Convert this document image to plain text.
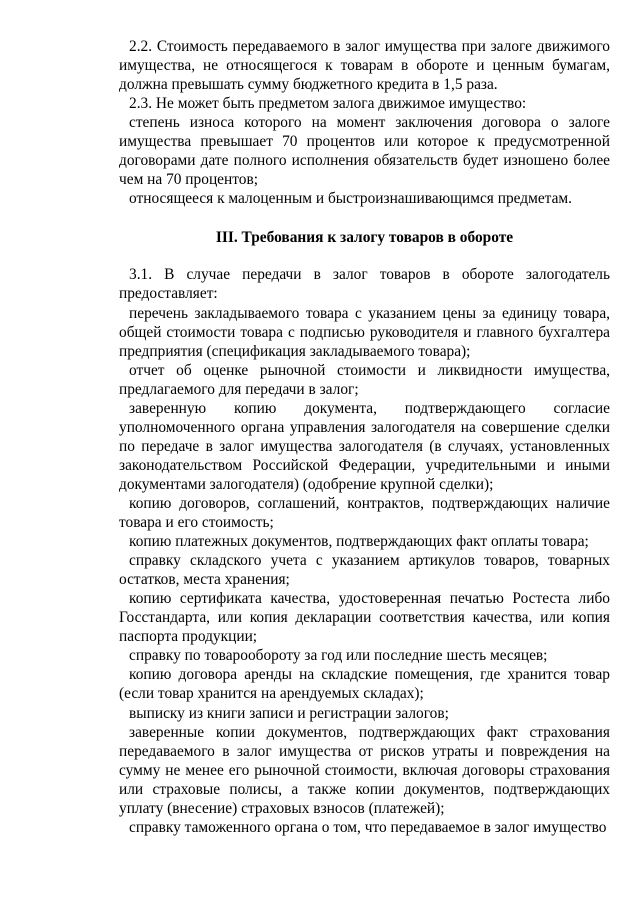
2.2. Стоимость передаваемого в залог имущества при залоге движимого имущества, не относящегося к товарам в обороте и ценным бумагам, должна превышать сумму бюджетного кредита в 1,5 раза.

2.3. Не может быть предметом залога движимое имущество:

степень износа которого на момент заключения договора о залоге имущества превышает 70 процентов или которое к предусмотренной договорами дате полного исполнения обязательств будет изношено более чем на 70 процентов;

относящееся к малоценным и быстроизнашивающимся предметам.

III. Требования к залогу товаров в обороте

3.1. В случае передачи в залог товаров в обороте залогодатель предоставляет:

перечень закладываемого товара с указанием цены за единицу товара, общей стоимости товара с подписью руководителя и главного бухгалтера предприятия (спецификация закладываемого товара);

отчет об оценке рыночной стоимости и ликвидности имущества, предлагаемого для передачи в залог;

заверенную копию документа, подтверждающего согласие уполномоченного органа управления залогодателя на совершение сделки по передаче в залог имущества залогодателя (в случаях, установленных законодательством Российской Федерации, учредительными и иными документами залогодателя) (одобрение крупной сделки);

копию договоров, соглашений, контрактов, подтверждающих наличие товара и его стоимость;

копию платежных документов, подтверждающих факт оплаты товара;

справку складского учета с указанием артикулов товаров, товарных остатков, места хранения;

копию сертификата качества, удостоверенная печатью Ростеста либо Госстандарта, или копия декларации соответствия качества, или копия паспорта продукции;

справку по товарообороту за год или последние шесть месяцев;

копию договора аренды на складские помещения, где хранится товар (если товар хранится на арендуемых складах);

выписку из книги записи и регистрации залогов;

заверенные копии документов, подтверждающих факт страхования передаваемого в залог имущества от рисков утраты и повреждения на сумму не менее его рыночной стоимости, включая договоры страхования или страховые полисы, а также копии документов, подтверждающих уплату (внесение) страховых взносов (платежей);

справку таможенного органа о том, что передаваемое в залог имущество
